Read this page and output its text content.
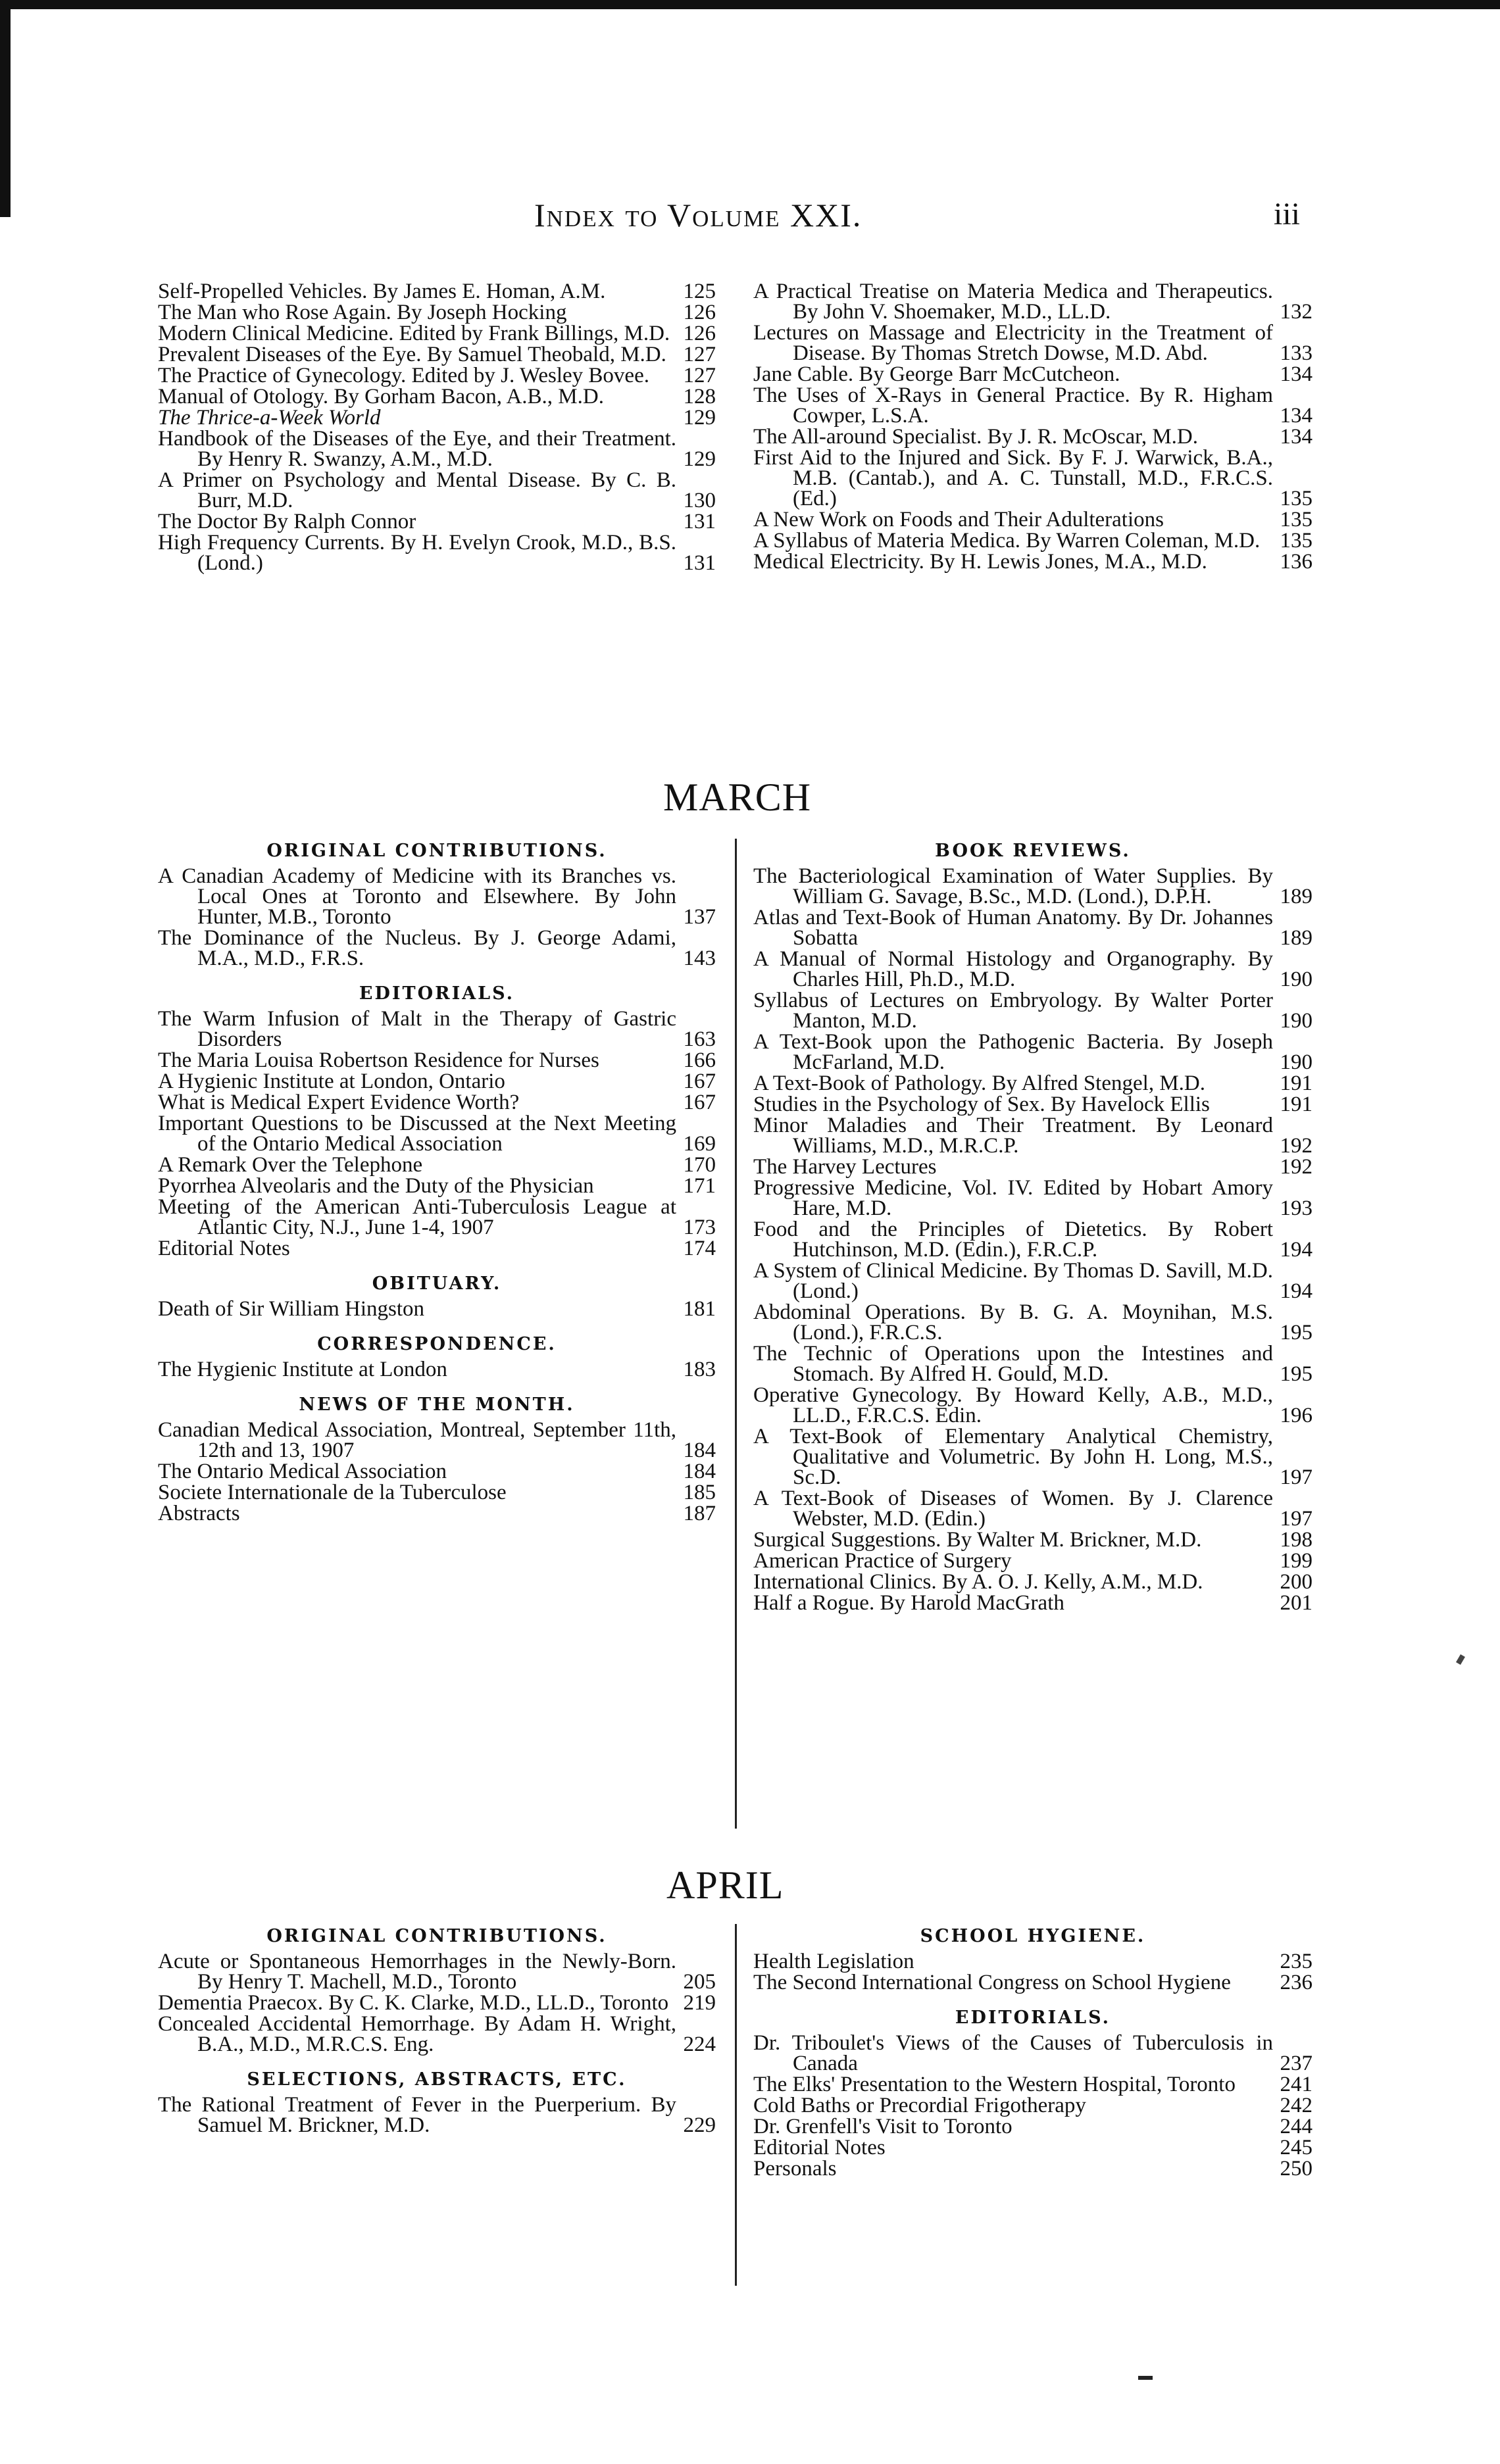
Index to Volume XXI.	iii
Self-Propelled Vehicles. By James E. Homan, A.M.	125
The Man who Rose Again. By Joseph Hocking	126
Modern Clinical Medicine. Edited by Frank Billings, M.D. 126
Prevalent Diseases of the Eye. By Samuel Theobald, M.D. 127
The Practice of Gynecology. Edited by J. Wesley Bovee.	127
Manual of Otology. By Gorham Bacon, A.B., M.D.	128
The Thrice-a-Week World	129
Handbook of the Diseases of the Eye, and their Treatment. By Henry R. Swanzy, A.M., M.D.	129
A Primer on Psychology and Mental Disease. By C. B. Burr, M.D.	130
The Doctor By Ralph Connor	131
High Frequency Currents. By H. Evelyn Crook, M.D., B.S. (Lond.)	131
A Practical Treatise on Materia Medica and Therapeutics. By John V. Shoemaker, M.D., LL.D.	132
Lectures on Massage and Electricity in the Treatment of Disease. By Thomas Stretch Dowse, M.D. Abd.	133
Jane Cable. By George Barr McCutcheon.	134
The Uses of X-Rays in General Practice. By R. Higham Cowper, L.S.A.	134
The All-around Specialist. By J. R. McOscar, M.D.	134
First Aid to the Injured and Sick. By F. J. Warwick, B.A., M.B. (Cantab.), and A. C. Tunstall, M.D., F.R.C.S. (Ed.)	135
A New Work on Foods and Their Adulterations	135
A Syllabus of Materia Medica. By Warren Coleman, M.D. 135
Medical Electricity. By H. Lewis Jones, M.A., M.D.	136
MARCH
ORIGINAL CONTRIBUTIONS.
A Canadian Academy of Medicine with its Branches vs. Local Ones at Toronto and Elsewhere. By John Hunter, M.B., Toronto	137
The Dominance of the Nucleus. By J. George Adami, M.A., M.D., F.R.S.	143
EDITORIALS.
The Warm Infusion of Malt in the Therapy of Gastric Disorders	163
The Maria Louisa Robertson Residence for Nurses	166
A Hygienic Institute at London, Ontario	167
What is Medical Expert Evidence Worth?	167
Important Questions to be Discussed at the Next Meeting of the Ontario Medical Association	169
A Remark Over the Telephone	170
Pyorrhea Alveolaris and the Duty of the Physician	171
Meeting of the American Anti-Tuberculosis League at Atlantic City, N.J., June 1-4, 1907	173
Editorial Notes	174
OBITUARY.
Death of Sir William Hingston	181
CORRESPONDENCE.
The Hygienic Institute at London	183
NEWS OF THE MONTH.
Canadian Medical Association, Montreal, September 11th, 12th and 13, 1907	184
The Ontario Medical Association	184
Societe Internationale de la Tuberculose	185
Abstracts	187
BOOK REVIEWS.
The Bacteriological Examination of Water Supplies. By William G. Savage, B.Sc., M.D. (Lond.), D.P.H.	189
Atlas and Text-Book of Human Anatomy. By Dr. Johannes Sobatta	189
A Manual of Normal Histology and Organography. By Charles Hill, Ph.D., M.D.	190
Syllabus of Lectures on Embryology. By Walter Porter Manton, M.D.	190
A Text-Book upon the Pathogenic Bacteria. By Joseph McFarland, M.D.	190
A Text-Book of Pathology. By Alfred Stengel, M.D.	191
Studies in the Psychology of Sex. By Havelock Ellis	191
Minor Maladies and Their Treatment. By Leonard Williams, M.D., M.R.C.P.	192
The Harvey Lectures	192
Progressive Medicine, Vol. IV. Edited by Hobart Amory Hare, M.D.	193
Food and the Principles of Dietetics. By Robert Hutchinson, M.D. (Edin.), F.R.C.P.	194
A System of Clinical Medicine. By Thomas D. Savill, M.D. (Lond.)	194
Abdominal Operations. By B. G. A. Moynihan, M.S. (Lond.), F.R.C.S.	195
The Technic of Operations upon the Intestines and Stomach. By Alfred H. Gould, M.D.	195
Operative Gynecology. By Howard Kelly, A.B., M.D., LL.D., F.R.C.S. Edin.	196
A Text-Book of Elementary Analytical Chemistry, Qualitative and Volumetric. By John H. Long, M.S., Sc.D.	197
A Text-Book of Diseases of Women. By J. Clarence Webster, M.D. (Edin.)	197
Surgical Suggestions. By Walter M. Brickner, M.D.	198
American Practice of Surgery	199
International Clinics. By A. O. J. Kelly, A.M., M.D.	200
Half a Rogue. By Harold MacGrath	201
APRIL
ORIGINAL CONTRIBUTIONS.
Acute or Spontaneous Hemorrhages in the Newly-Born. By Henry T. Machell, M.D., Toronto	205
Dementia Praecox. By C. K. Clarke, M.D., LL.D., Toronto 219
Concealed Accidental Hemorrhage. By Adam H. Wright, B.A., M.D., M.R.C.S. Eng.	224
SELECTIONS, ABSTRACTS, ETC.
The Rational Treatment of Fever in the Puerperium. By Samuel M. Brickner, M.D.	229
SCHOOL HYGIENE.
Health Legislation	235
The Second International Congress on School Hygiene	236
EDITORIALS.
Dr. Triboulet's Views of the Causes of Tuberculosis in Canada	237
The Elks' Presentation to the Western Hospital, Toronto	241
Cold Baths or Precordial Frigotherapy	242
Dr. Grenfell's Visit to Toronto	244
Editorial Notes	245
Personals	250
